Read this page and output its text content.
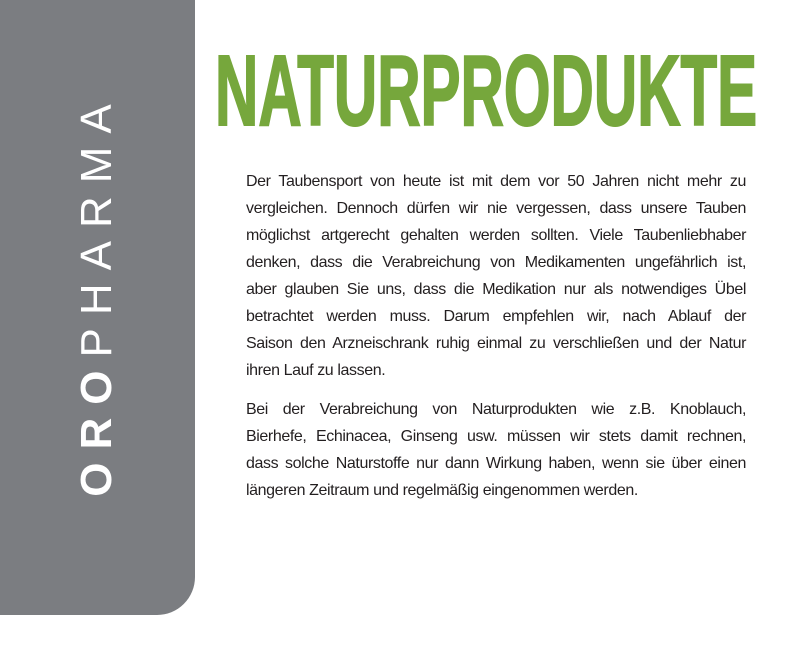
OROPHARMA
NATURPRODUKTE
Der Taubensport von heute ist mit dem vor 50 Jahren nicht mehr zu
vergleichen. Dennoch dürfen wir nie vergessen, dass unsere Tauben
möglichst artgerecht gehalten werden sollten. Viele Taubenliebhaber
denken, dass die Verabreichung von Medikamenten ungefährlich ist,
aber glauben Sie uns, dass die Medikation nur als notwendiges Übel
betrachtet werden muss. Darum empfehlen wir, nach Ablauf der
Saison den Arzneischrank ruhig einmal zu verschließen und der Natur
ihren Lauf zu lassen.
Bei der Verabreichung von Naturprodukten wie z.B. Knoblauch,
Bierhefe, Echinacea, Ginseng usw. müssen wir stets damit rechnen,
dass solche Naturstoffe nur dann Wirkung haben, wenn sie über einen
längeren Zeitraum und regelmäßig eingenommen werden.
